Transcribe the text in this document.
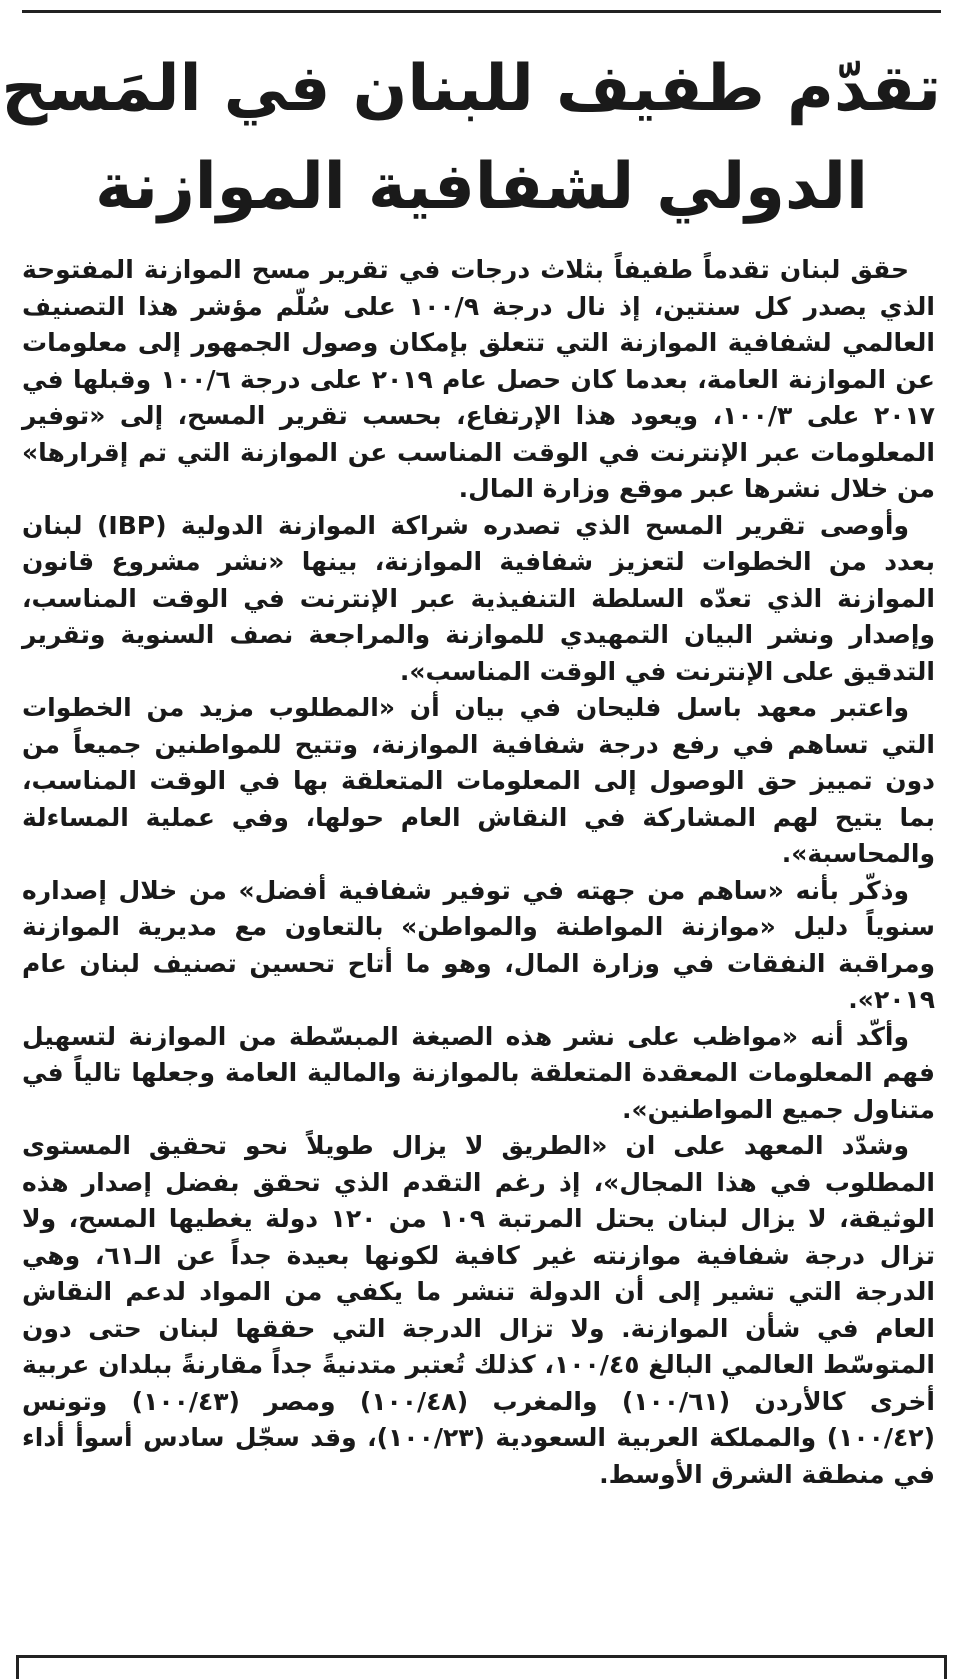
تقدّم طفيف للبنان في المَسح
الدولي لشفافية الموازنة

حقق لبنان تقدماً طفيفاً بثلاث درجات في تقرير مسح الموازنة المفتوحة الذي يصدر كل سنتين، إذ نال درجة ١٠٠/٩ على سُلّم مؤشر هذا التصنيف العالمي لشفافية الموازنة التي تتعلق بإمكان وصول الجمهور إلى معلومات عن الموازنة العامة، بعدما كان حصل عام ٢٠١٩ على درجة ١٠٠/٦ وقبلها في ٢٠١٧ على ١٠٠/٣، ويعود هذا الإرتفاع، بحسب تقرير المسح، إلى «توفير المعلومات عبر الإنترنت في الوقت المناسب عن الموازنة التي تم إقرارها» من خلال نشرها عبر موقع وزارة المال.

وأوصى تقرير المسح الذي تصدره شراكة الموازنة الدولية (IBP) لبنان بعدد من الخطوات لتعزيز شفافية الموازنة، بينها «نشر مشروع قانون الموازنة الذي تعدّه السلطة التنفيذية عبر الإنترنت في الوقت المناسب، وإصدار ونشر البيان التمهيدي للموازنة والمراجعة نصف السنوية وتقرير التدقيق على الإنترنت في الوقت المناسب».

واعتبر معهد باسل فليحان في بيان أن «المطلوب مزيد من الخطوات التي تساهم في رفع درجة شفافية الموازنة، وتتيح للمواطنين جميعاً من دون تمييز حق الوصول إلى المعلومات المتعلقة بها في الوقت المناسب، بما يتيح لهم المشاركة في النقاش العام حولها، وفي عملية المساءلة والمحاسبة».

وذكّر بأنه «ساهم من جهته في توفير شفافية أفضل» من خلال إصداره سنوياً دليل «موازنة المواطنة والمواطن» بالتعاون مع مديرية الموازنة ومراقبة النفقات في وزارة المال، وهو ما أتاح تحسين تصنيف لبنان عام ٢٠١٩».

وأكّد أنه «مواظب على نشر هذه الصيغة المبسّطة من الموازنة لتسهيل فهم المعلومات المعقدة المتعلقة بالموازنة والمالية العامة وجعلها تالياً في متناول جميع المواطنين».

وشدّد المعهد على ان «الطريق لا يزال طويلاً نحو تحقيق المستوى المطلوب في هذا المجال»، إذ رغم التقدم الذي تحقق بفضل إصدار هذه الوثيقة، لا يزال لبنان يحتل المرتبة ١٠٩ من ١٢٠ دولة يغطيها المسح، ولا تزال درجة شفافية موازنته غير كافية لكونها بعيدة جداً عن الـ٦١، وهي الدرجة التي تشير إلى أن الدولة تنشر ما يكفي من المواد لدعم النقاش العام في شأن الموازنة. ولا تزال الدرجة التي حققها لبنان حتى دون المتوسّط العالمي البالغ ١٠٠/٤٥، كذلك تُعتبر متدنيةً جداً مقارنةً ببلدان عربية أخرى كالأردن (١٠٠/٦١) والمغرب (١٠٠/٤٨) ومصر (١٠٠/٤٣) وتونس (١٠٠/٤٢) والمملكة العربية السعودية (١٠٠/٢٣)، وقد سجّل سادس أسوأ أداء في منطقة الشرق الأوسط.
